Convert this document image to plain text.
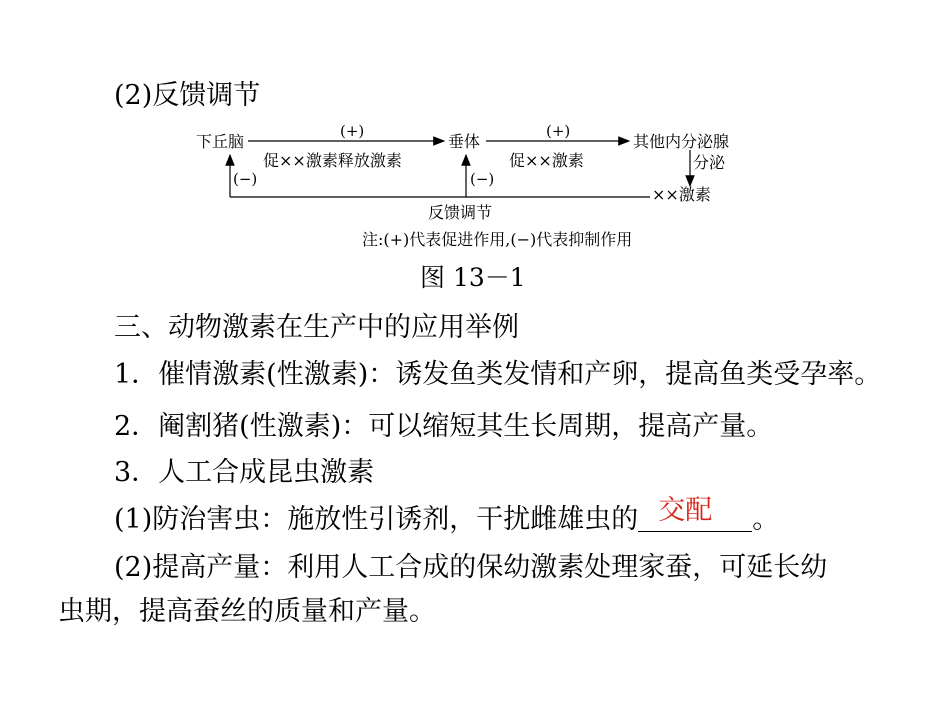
(2)反馈调节
下丘脑	垂体	其他内分泌腺
分泌
××激素
(+)	(+)
促××激素释放激素	促××激素
(−)	(−)
反馈调节
注:(+)代表促进作用,(−)代表抑制作用
图 13－1
三、动物激素在生产中的应用举例
1．催情激素(性激素)：诱发鱼类发情和产卵，提高鱼类受孕率。
2．阉割猪(性激素)：可以缩短其生长周期，提高产量。
3．人工合成昆虫激素
(1)防治害虫：施放性引诱剂，干扰雌雄虫的 交配 。
(2)提高产量：利用人工合成的保幼激素处理家蚕，可延长幼
虫期，提高蚕丝的质量和产量。
